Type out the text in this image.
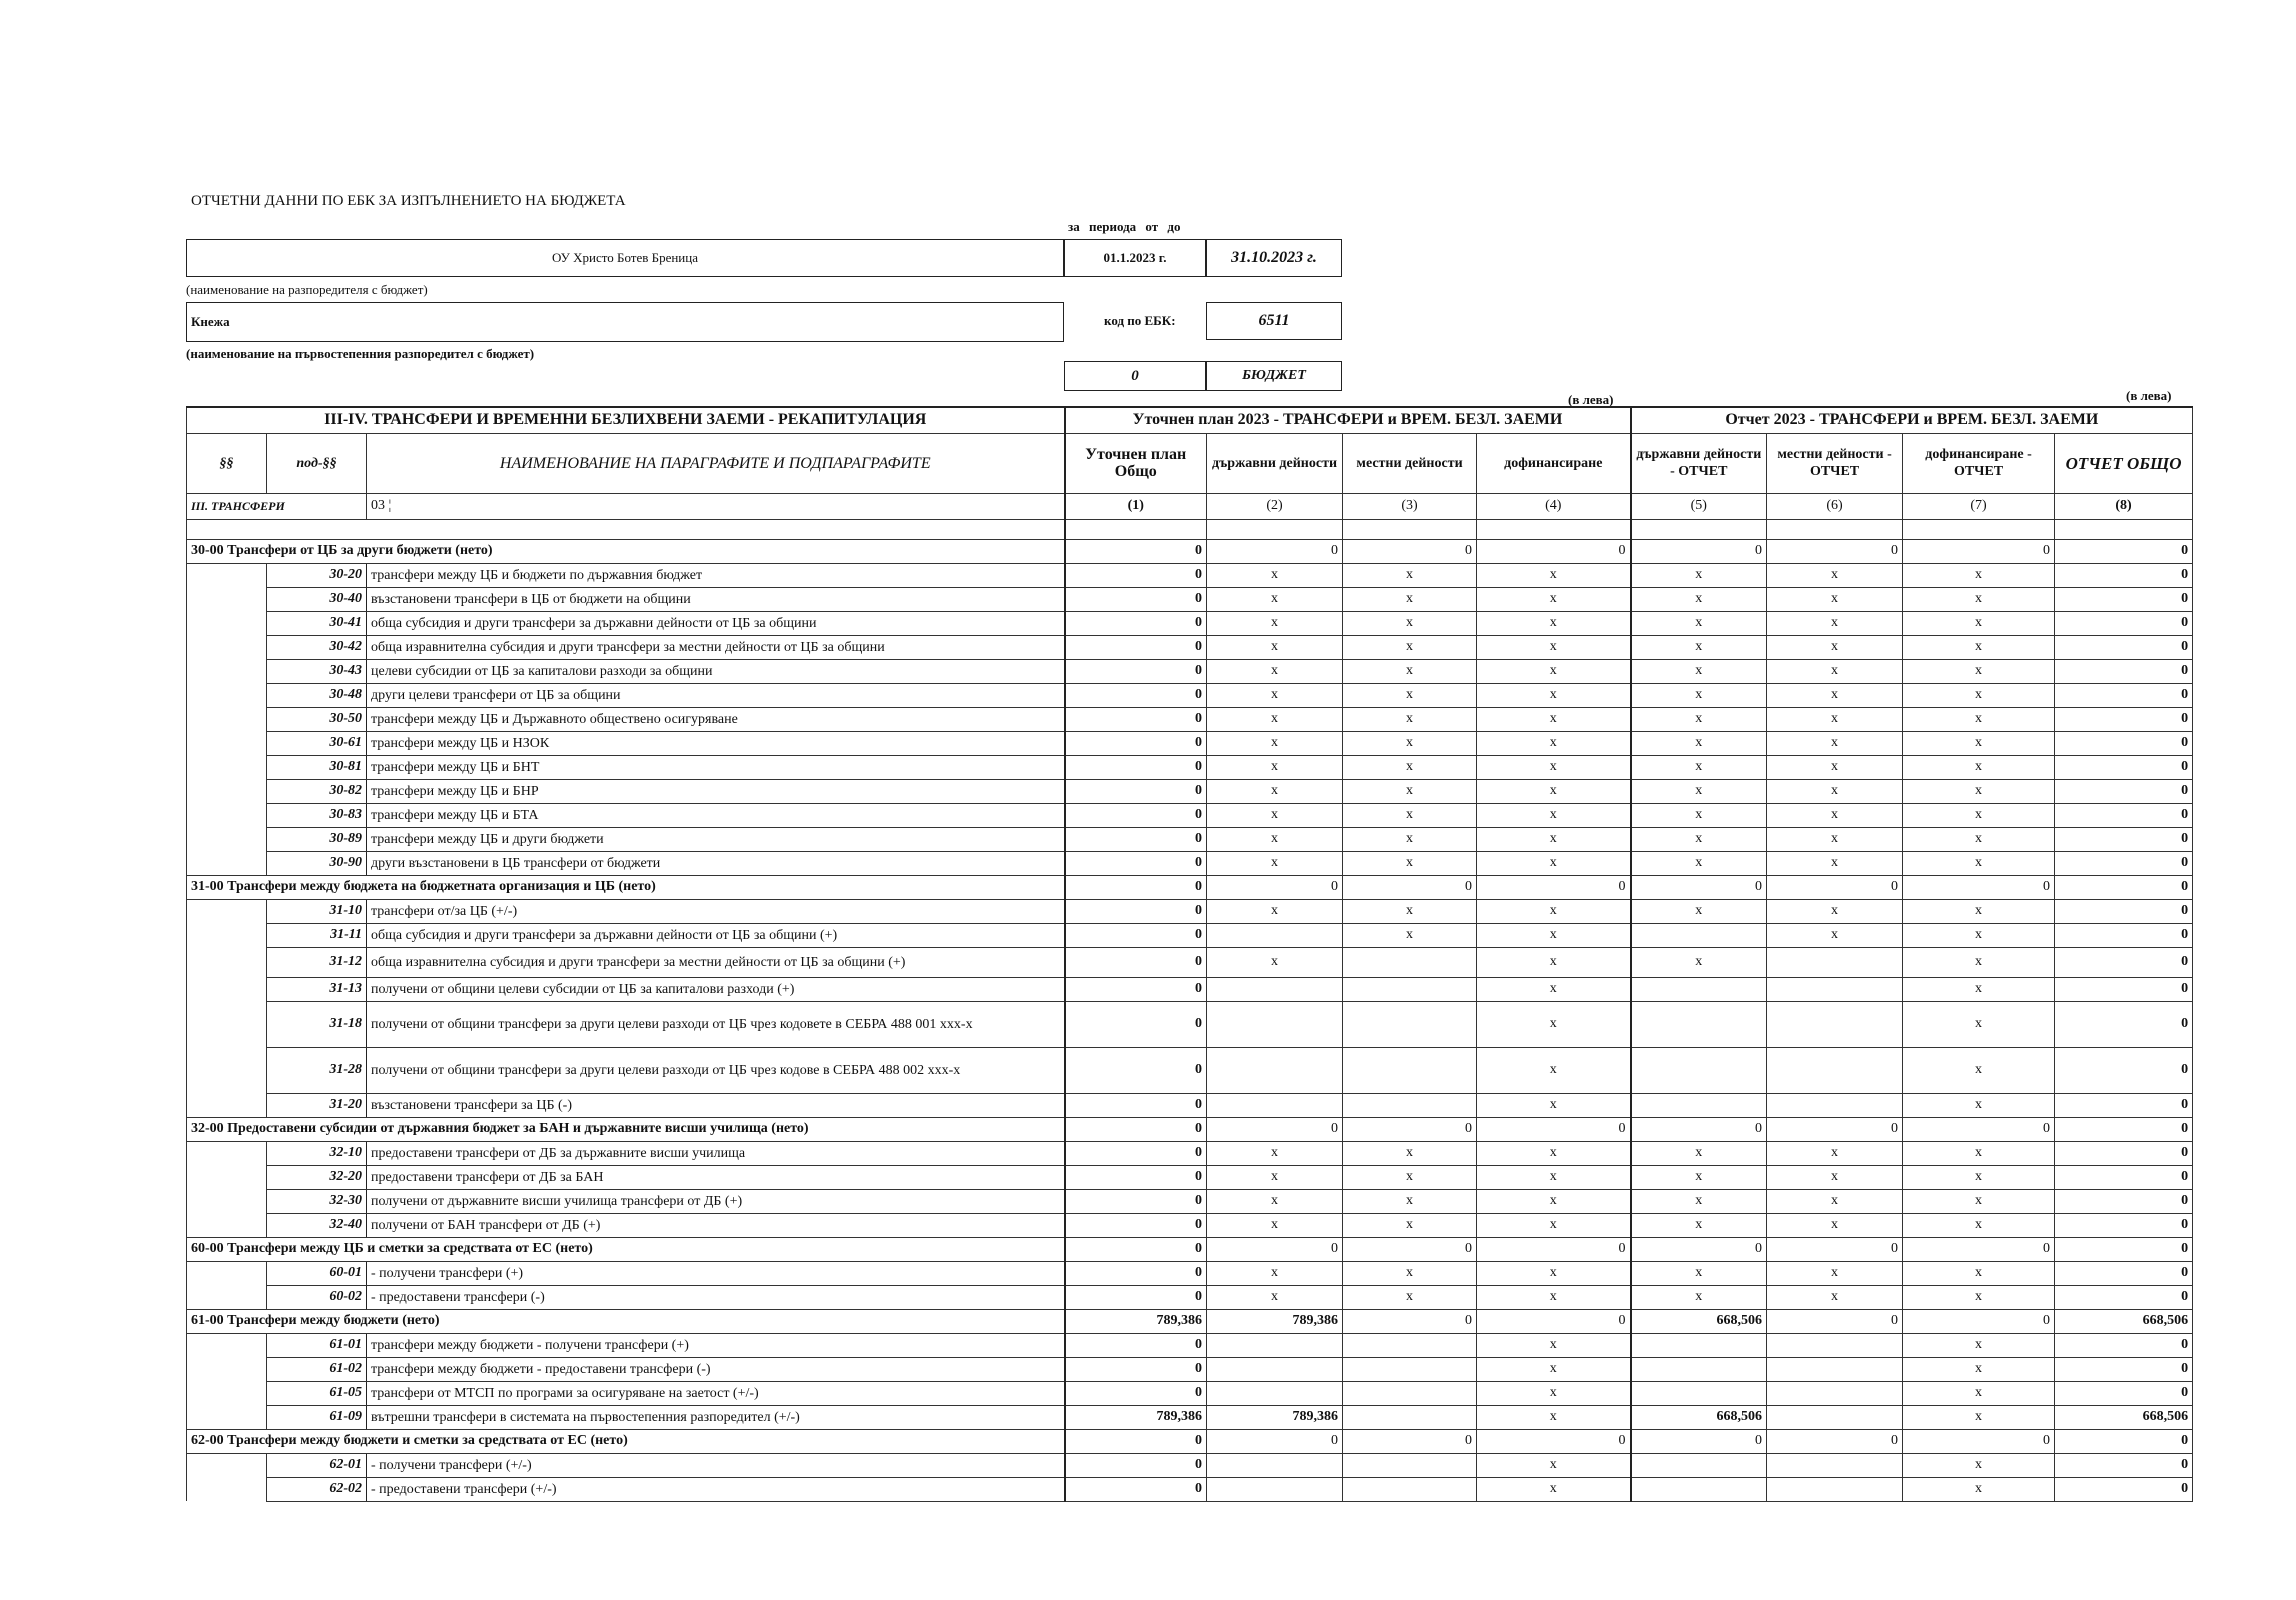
ОТЧЕТНИ ДАННИ ПО ЕБК ЗА ИЗПЪЛНЕНИЕТО НА БЮДЖЕТА
за периода от до
ОУ Христо Ботев Бреница	01.1.2023 г.	31.10.2023 г.
(наименование на разпоредителя с бюджет)
Кнежа	код по ЕБК:	6511
(наименование на първостепенния разпоредител с бюджет)
0	БЮДЖЕТ
(в лева)	(в лева)
III-IV. ТРАНСФЕРИ И ВРЕМЕННИ БЕЗЛИХВЕНИ ЗАЕМИ - РЕКАПИТУЛАЦИЯ			Уточнен план 2023 - ТРАНСФЕРИ и ВРЕМ. БЕЗЛ. ЗАЕМИ				Отчет 2023 - ТРАНСФЕРИ и ВРЕМ. БЕЗЛ. ЗАЕМИ			
§§	под-§§	НАИМЕНОВАНИЕ НА ПАРАГРАФИТЕ И ПОДПАРАГРАФИТЕ	Уточнен план Общо	държавни дейности	местни дейности	дофинансиране	държавни дейности - ОТЧЕТ	местни дейности - ОТЧЕТ	дофинансиране - ОТЧЕТ	ОТЧЕТ ОБЩО
III. ТРАНСФЕРИ		03 ¦	(1)	(2)	(3)	(4)	(5)	(6)	(7)	(8)

30-00 Трансфери от ЦБ за други бюджети (нето)			0	0	0	0	0	0	0	0
	30-20	трансфери между ЦБ и бюджети по държавния бюджет	0	x	x	x	x	x	x	0
	30-40	възстановени трансфери в ЦБ от бюджети на общини	0	x	x	x	x	x	x	0
	30-41	обща субсидия и други трансфери за държавни дейности от ЦБ за общини	0	x	x	x	x	x	x	0
	30-42	обща изравнителна субсидия и други трансфери за местни дейности от ЦБ за общини	0	x	x	x	x	x	x	0
	30-43	целеви субсидии от ЦБ за капиталови разходи за общини	0	x	x	x	x	x	x	0
	30-48	други целеви трансфери от ЦБ за общини	0	x	x	x	x	x	x	0
	30-50	трансфери между ЦБ и Държавното обществено осигуряване	0	x	x	x	x	x	x	0
	30-61	трансфери между ЦБ и НЗОК	0	x	x	x	x	x	x	0
	30-81	трансфери между ЦБ и БНТ	0	x	x	x	x	x	x	0
	30-82	трансфери между ЦБ и БНР	0	x	x	x	x	x	x	0
	30-83	трансфери между ЦБ и БТА	0	x	x	x	x	x	x	0
	30-89	трансфери между ЦБ и други бюджети	0	x	x	x	x	x	x	0
	30-90	други възстановени в ЦБ трансфери от бюджети	0	x	x	x	x	x	x	0
31-00 Трансфери между бюджета на бюджетната организация и ЦБ (нето)			0	0	0	0	0	0	0	0
	31-10	трансфери от/за ЦБ (+/-)	0	x	x	x	x	x	x	0
	31-11	обща субсидия и други трансфери за държавни дейности от ЦБ за общини (+)	0		x	x		x	x	0
	31-12	обща изравнителна субсидия и други трансфери за местни дейности от ЦБ за общини (+)	0	x		x	x		x	0
	31-13	получени от общини целеви субсидии от ЦБ за капиталови разходи (+)	0			x			x	0
	31-18	получени от общини трансфери за други целеви разходи от ЦБ чрез кодовете в СЕБРА 488 001 ххх-х	0			x			x	0
	31-28	получени от общини трансфери за други целеви разходи от ЦБ чрез кодове в СЕБРА 488 002 ххх-х	0			x			x	0
	31-20	възстановени трансфери за ЦБ (-)	0			x			x	0
32-00 Предоставени субсидии от държавния бюджет за БАН и държавните висши училища (нето)			0	0	0	0	0	0	0	0
	32-10	предоставени трансфери от ДБ за държавните висши училища	0	x	x	x	x	x	x	0
	32-20	предоставени трансфери от ДБ за БАН	0	x	x	x	x	x	x	0
	32-30	получени от държавните висши училища трансфери от ДБ (+)	0	x	x	x	x	x	x	0
	32-40	получени от БАН трансфери от ДБ (+)	0	x	x	x	x	x	x	0
60-00 Трансфери между ЦБ и сметки за средствата от ЕС (нето)			0	0	0	0	0	0	0	0
	60-01	- получени трансфери (+)	0	x	x	x	x	x	x	0
	60-02	- предоставени трансфери (-)	0	x	x	x	x	x	x	0
61-00 Трансфери между бюджети (нето)			789,386	789,386	0	0	668,506	0	0	668,506
	61-01	трансфери между бюджети - получени трансфери (+)	0			x			x	0
	61-02	трансфери между бюджети - предоставени трансфери (-)	0			x			x	0
	61-05	трансфери от МТСП по програми за осигуряване на заетост (+/-)	0			x			x	0
	61-09	вътрешни трансфери в системата на първостепенния разпоредител (+/-)	789,386	789,386		x	668,506		x	668,506
62-00 Трансфери между бюджети и сметки за средствата от ЕС (нето)			0	0	0	0	0	0	0	0
	62-01	- получени трансфери (+/-)	0			x			x	0
	62-02	- предоставени трансфери (+/-)	0			x			x	0
